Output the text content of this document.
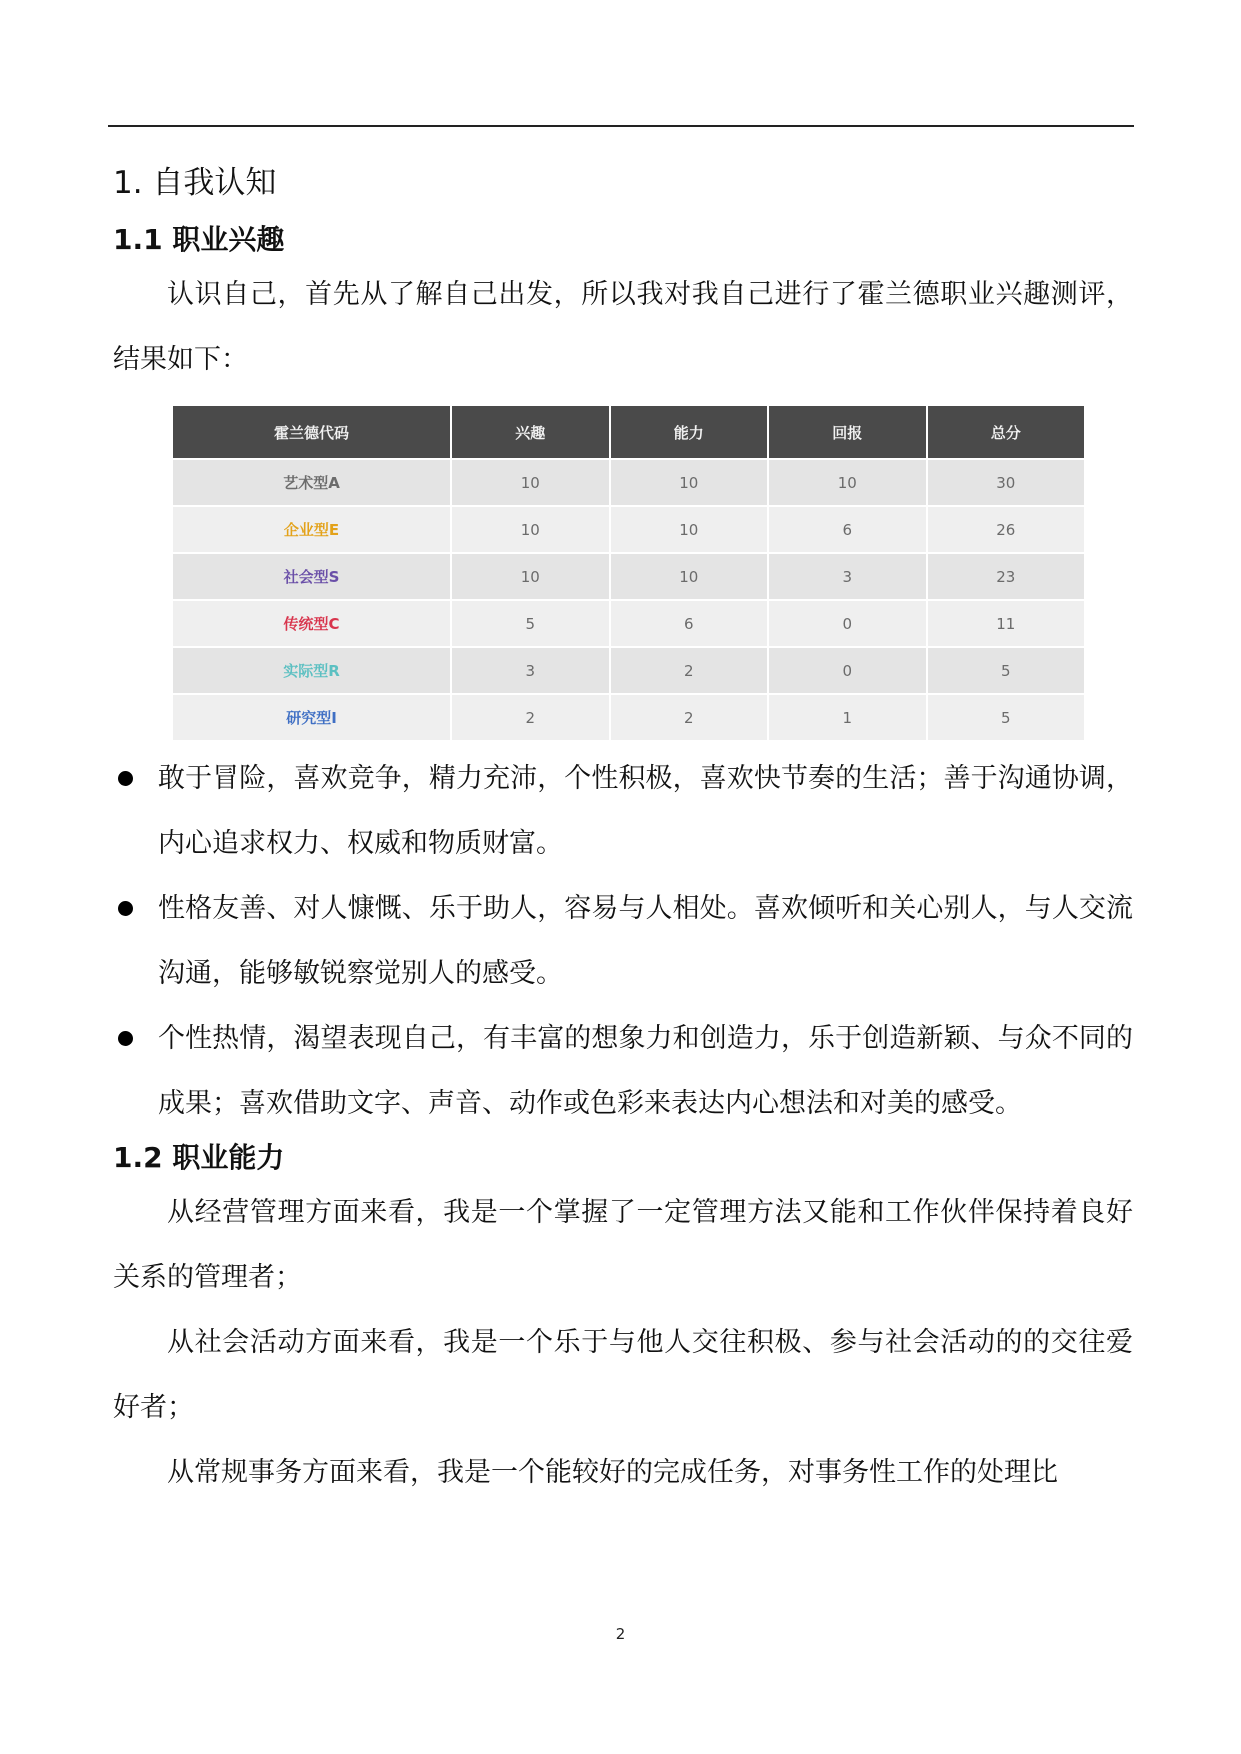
1. 自我认知
1.1 职业兴趣

认识自己，首先从了解自己出发，所以我对我自己进行了霍兰德职业兴趣测评，结果如下：

霍兰德代码	兴趣	能力	回报	总分
艺术型A	10	10	10	30
企业型E	10	10	6	26
社会型S	10	10	3	23
传统型C	5	6	0	11
实际型R	3	2	0	5
研究型I	2	2	1	5
敢于冒险，喜欢竞争，精力充沛，个性积极，喜欢快节奏的生活；善于沟通协调，内心追求权力、权威和物质财富。
性格友善、对人慷慨、乐于助人，容易与人相处。喜欢倾听和关心别人，与人交流沟通，能够敏锐察觉别人的感受。
个性热情，渴望表现自己，有丰富的想象力和创造力，乐于创造新颖、与众不同的成果；喜欢借助文字、声音、动作或色彩来表达内心想法和对美的感受。
1.2 职业能力

从经营管理方面来看，我是一个掌握了一定管理方法又能和工作伙伴保持着良好关系的管理者；

从社会活动方面来看，我是一个乐于与他人交往积极、参与社会活动的的交往爱好者；

从常规事务方面来看，我是一个能较好的完成任务，对事务性工作的处理比

2
